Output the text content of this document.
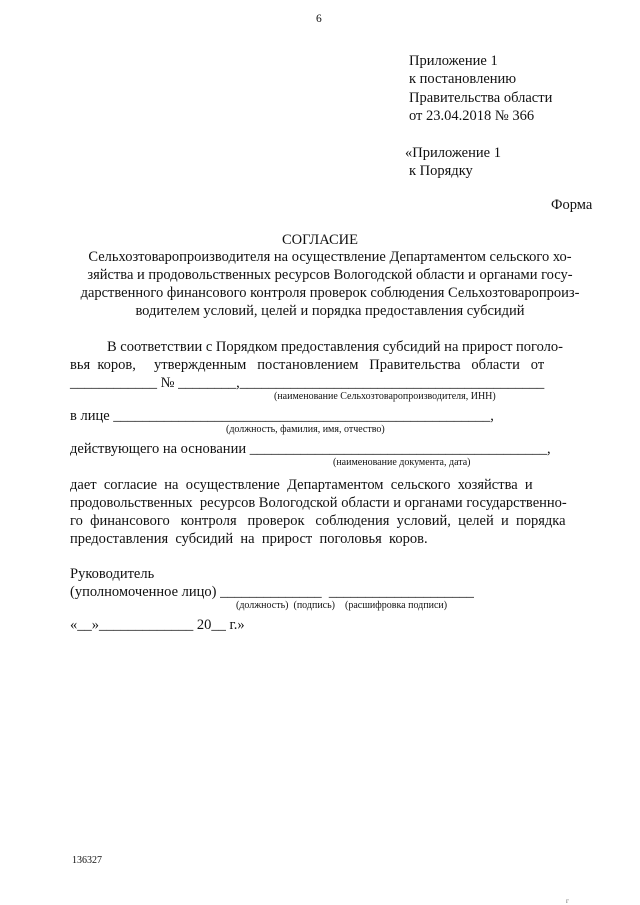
6
Приложение 1
к постановлению
Правительства области
от 23.04.2018 № 366
«Приложение 1
к Порядку
Форма
СОГЛАСИЕ
Сельхозтоваропроизводителя на осуществление Департаментом сельского хо-
зяйства и продовольственных ресурсов Вологодской области и органами госу-
дарственного финансового контроля проверок соблюдения Сельхозтоваропроиз-
водителем условий, целей и порядка предоставления субсидий
В соответствии с Порядком предоставления субсидий на прирост поголо-
вья  коров,     утвержденным   постановлением   Правительства   области   от
____________ № ________,__________________________________________
(наименование Сельхозтоваропроизводителя, ИНН)
в лице ____________________________________________________,
(должность, фамилия, имя, отчество)
действующего на основании _________________________________________,
(наименование документа, дата)
дает  согласие  на  осуществление  Департаментом  сельского  хозяйства  и
продовольственных  ресурсов Вологодской области и органами государственно-
го  финансового   контроля   проверок   соблюдения  условий,  целей  и  порядка
предоставления  субсидий  на  прирост  поголовья  коров.
Руководитель
(уполномоченное лицо) ______________  ____________________
(должность)  (подпись)    (расшифровка подписи)
«__»_____________ 20__ г.»
136327
г
